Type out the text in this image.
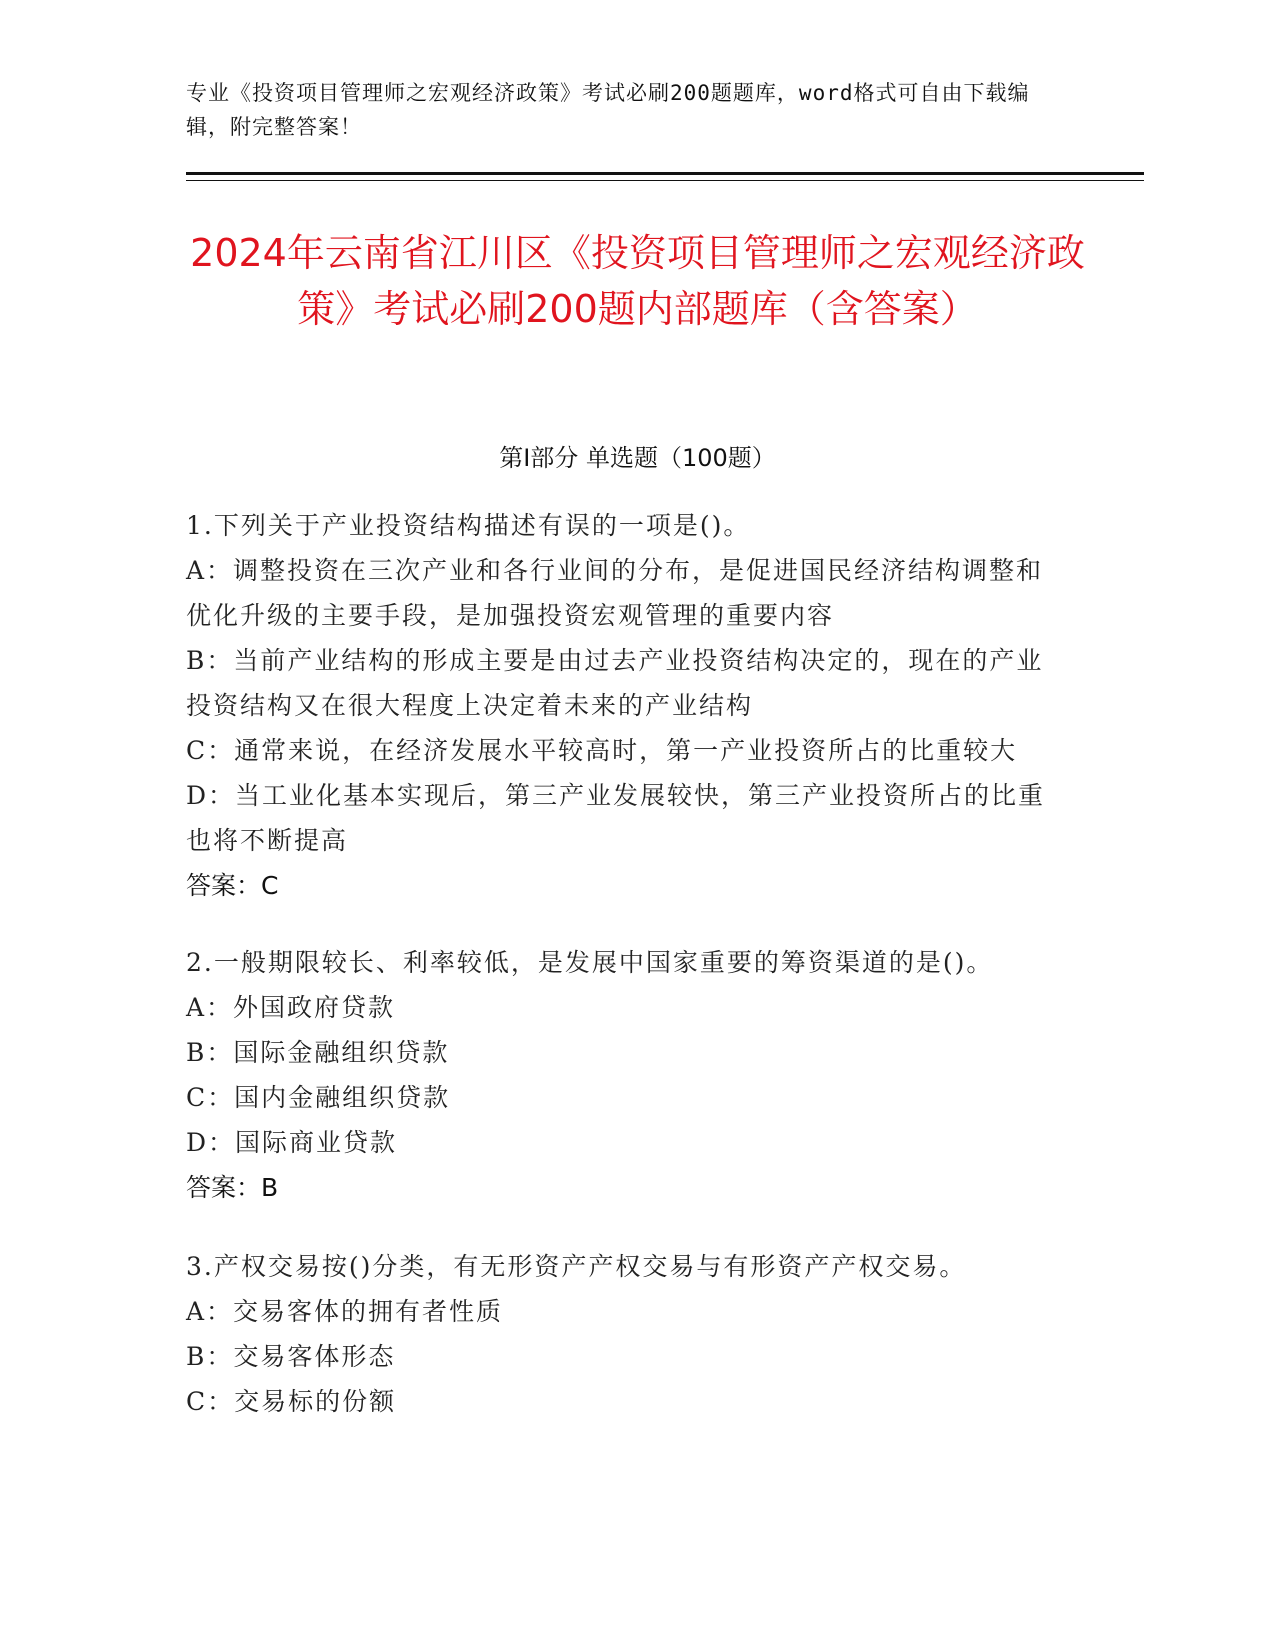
专业《投资项目管理师之宏观经济政策》考试必刷200题题库，word格式可自由下载编辑，附完整答案！
2024年云南省江川区《投资项目管理师之宏观经济政策》考试必刷200题内部题库（含答案）
第Ⅰ部分 单选题（100题）
1.下列关于产业投资结构描述有误的一项是()。
A：调整投资在三次产业和各行业间的分布，是促进国民经济结构调整和优化升级的主要手段，是加强投资宏观管理的重要内容
B：当前产业结构的形成主要是由过去产业投资结构决定的，现在的产业投资结构又在很大程度上决定着未来的产业结构
C：通常来说，在经济发展水平较高时，第一产业投资所占的比重较大
D：当工业化基本实现后，第三产业发展较快，第三产业投资所占的比重也将不断提高
答案：C
2.一般期限较长、利率较低，是发展中国家重要的筹资渠道的是()。
A：外国政府贷款
B：国际金融组织贷款
C：国内金融组织贷款
D：国际商业贷款
答案：B
3.产权交易按()分类，有无形资产产权交易与有形资产产权交易。
A：交易客体的拥有者性质
B：交易客体形态
C：交易标的份额
